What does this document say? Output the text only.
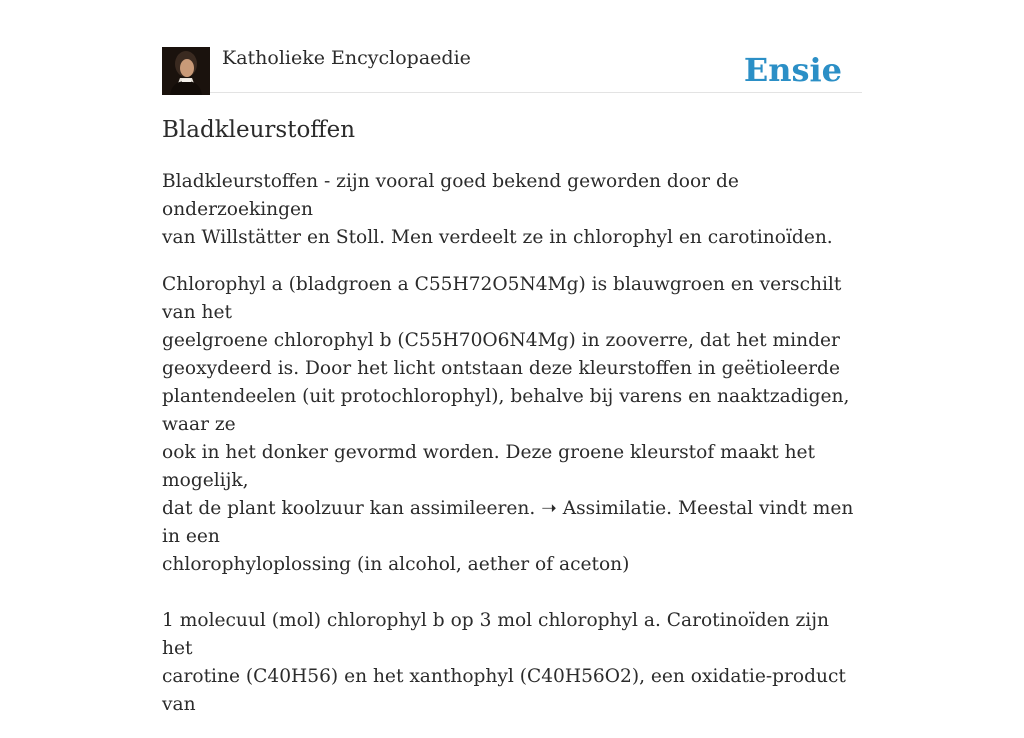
Katholieke Encyclopaedie	Ensie
Bladkleurstoffen

Bladkleurstoffen - zijn vooral goed bekend geworden door de onderzoekingen
van Willstätter en Stoll. Men verdeelt ze in chlorophyl en carotinoïden.

Chlorophyl a (bladgroen a C55H72O5N4Mg) is blauwgroen en verschilt van het
geelgroene chlorophyl b (C55H70O6N4Mg) in zooverre, dat het minder
geoxydeerd is. Door het licht ontstaan deze kleurstoffen in geëtioleerde
plantendeelen (uit protochlorophyl), behalve bij varens en naaktzadigen, waar ze
ook in het donker gevormd worden. Deze groene kleurstof maakt het mogelijk,
dat de plant koolzuur kan assimileeren. ➝ Assimilatie. Meestal vindt men in een
chlorophyloplossing (in alcohol, aether of aceton)

1 molecuul (mol) chlorophyl b op 3 mol chlorophyl a. Carotinoïden zijn het
carotine (C40H56) en het xanthophyl (C40H56O2), een oxidatie-product van
